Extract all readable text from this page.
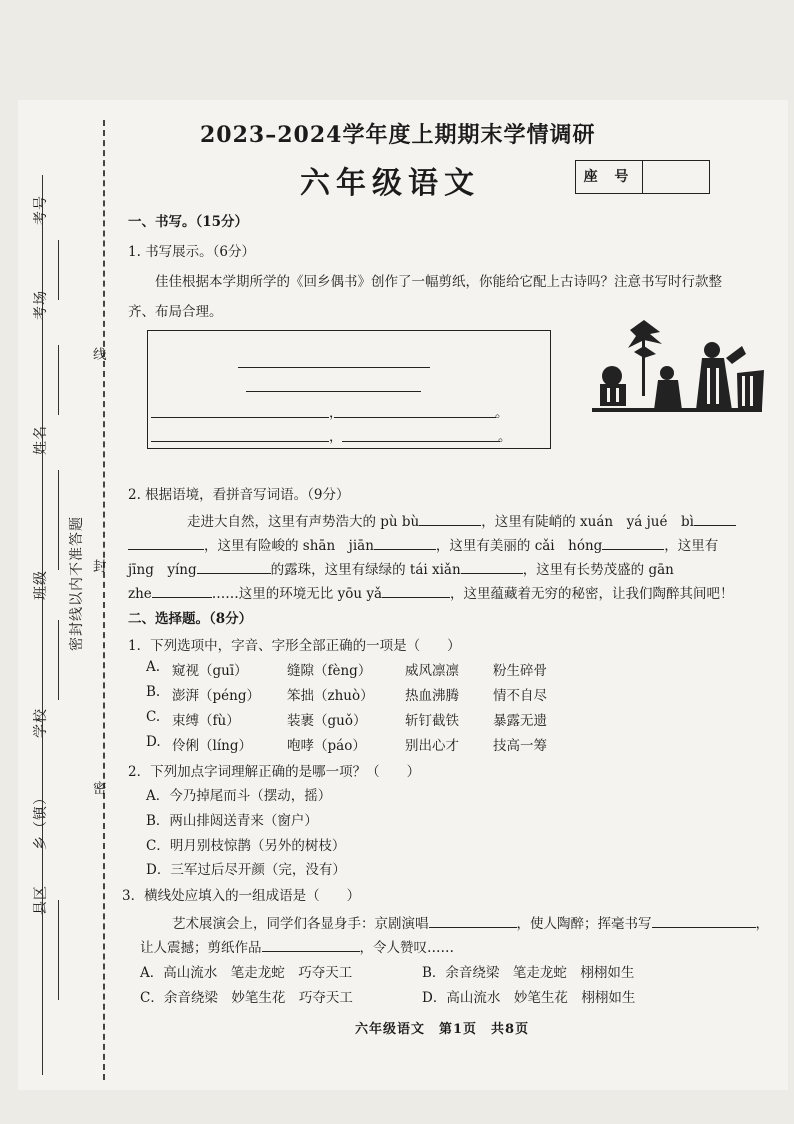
考号
考场
姓名
班级
学校
乡（镇）
县区
密封线以内不准答题
线
封
密
2023–2024学年度上期期末学情调研
六年级语文	座 号
一、书写。（15分）
1. 书写展示。（6分）
佳佳根据本学期所学的《回乡偶书》创作了一幅剪纸，你能给它配上古诗吗？注意书写时行款整
齐、布局合理。
，	。
，	。
2. 根据语境，看拼音写词语。（9分）
走进大自然，这里有声势浩大的 pù bù	，这里有陡峭的 xuán　yá jué　bì
，这里有险峻的 shān　jiān	，这里有美丽的 cǎi　hóng	，这里有
jīng　yíng	的露珠，这里有绿绿的 tái xiǎn	，这里有长势茂盛的 gān
zhe	……这里的环境无比 yōu yǎ	，这里蕴藏着无穷的秘密，让我们陶醉其间吧！
二、选择题。（8分）
1．下列选项中，字音、字形全部正确的一项是（　　）
A. 窥视（guī）	缝隙（fèng） 威风凛凛	粉生碎骨
B. 澎湃（péng） 笨拙（zhuò） 热血沸腾	情不自尽
C. 束缚（fù）	装裹（guǒ）	斩钉截铁	暴露无遗
D. 伶俐（líng）	咆哮（páo）	别出心才	技高一筹
2．下列加点字词理解正确的是哪一项？（　　）
A．今乃掉尾而斗（摆动，摇）
B．两山排闼送青来（窗户）
C．明月别枝惊鹊（另外的树枝）
D．三军过后尽开颜（完，没有）
3．横线处应填入的一组成语是（　　）
艺术展演会上，同学们各显身手：京剧演唱	，使人陶醉；挥毫书写	，
让人震撼；剪纸作品	，令人赞叹……
A．高山流水　笔走龙蛇　巧夺天工	B．余音绕梁　笔走龙蛇　栩栩如生
C．余音绕梁　妙笔生花　巧夺天工	D．高山流水　妙笔生花　栩栩如生
六年级语文　第1页　共8页
